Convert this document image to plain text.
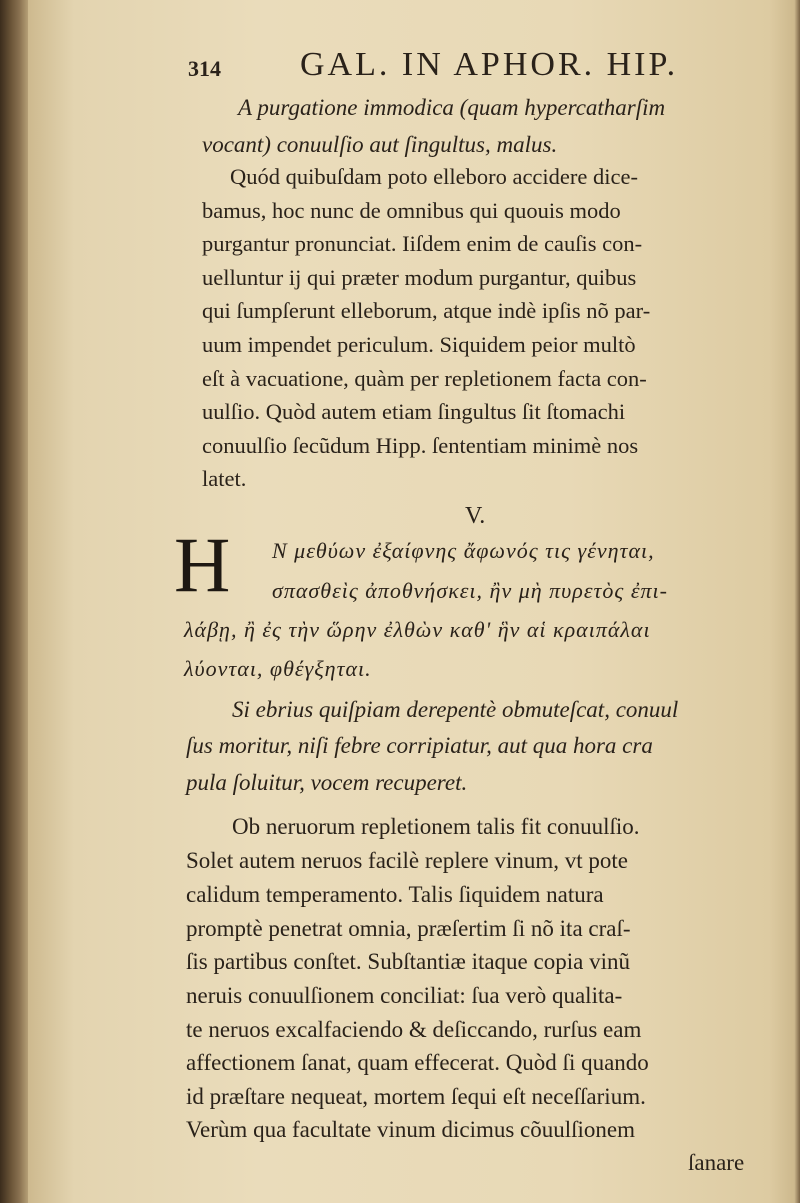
314 GAL. IN APHOR. HIP.
A purgatione immodica (quam hypercatharſim
vocant) conuulſio aut ſingultus, malus.
Quód quibuſdam poto elleboro accidere dice-
bamus, hoc nunc de omnibus qui quouis modo
purgantur pronunciat. Iiſdem enim de cauſis con-
uelluntur ij qui præter modum purgantur, quibus
qui ſumpſerunt elleborum, atque indè ipſis nõ par-
uum impendet periculum. Siquidem peior multò
eſt à vacuatione, quàm per repletionem facta con-
uulſio. Quòd autem etiam ſingultus ſit ſtomachi
conuulſio ſecũdum Hipp. ſententiam minimè nos
latet.
V.
H N μεθύων ἐξαίφνης ἄφωνός τις γένηται,
σπασθεὶς ἀποθνήσκει, ἢν μὴ πυρετὸς ἐπι-
λάβῃ, ἢ ἐς τὴν ὥρην ἐλθὼν καθ' ἣν αἱ κραιπάλαι
λύονται, φθέγξηται.
Si ebrius quiſpiam derepentè obmuteſcat, conuul
ſus moritur, niſi febre corripiatur, aut qua hora cra
pula ſoluitur, vocem recuperet.
Ob neruorum repletionem talis fit conuulſio.
Solet autem neruos facilè replere vinum, vt pote
calidum temperamento. Talis ſiquidem natura
promptè penetrat omnia, præſertim ſi nõ ita craſ-
ſis partibus conſtet. Subſtantiæ itaque copia vinũ
neruis conuulſionem conciliat: ſua verò qualita-
te neruos excalfaciendo & deſiccando, rurſus eam
affectionem ſanat, quam effecerat. Quòd ſi quando
id præſtare nequeat, mortem ſequi eſt neceſſarium.
Verùm qua facultate vinum dicimus cõuulſionem
ſanare
